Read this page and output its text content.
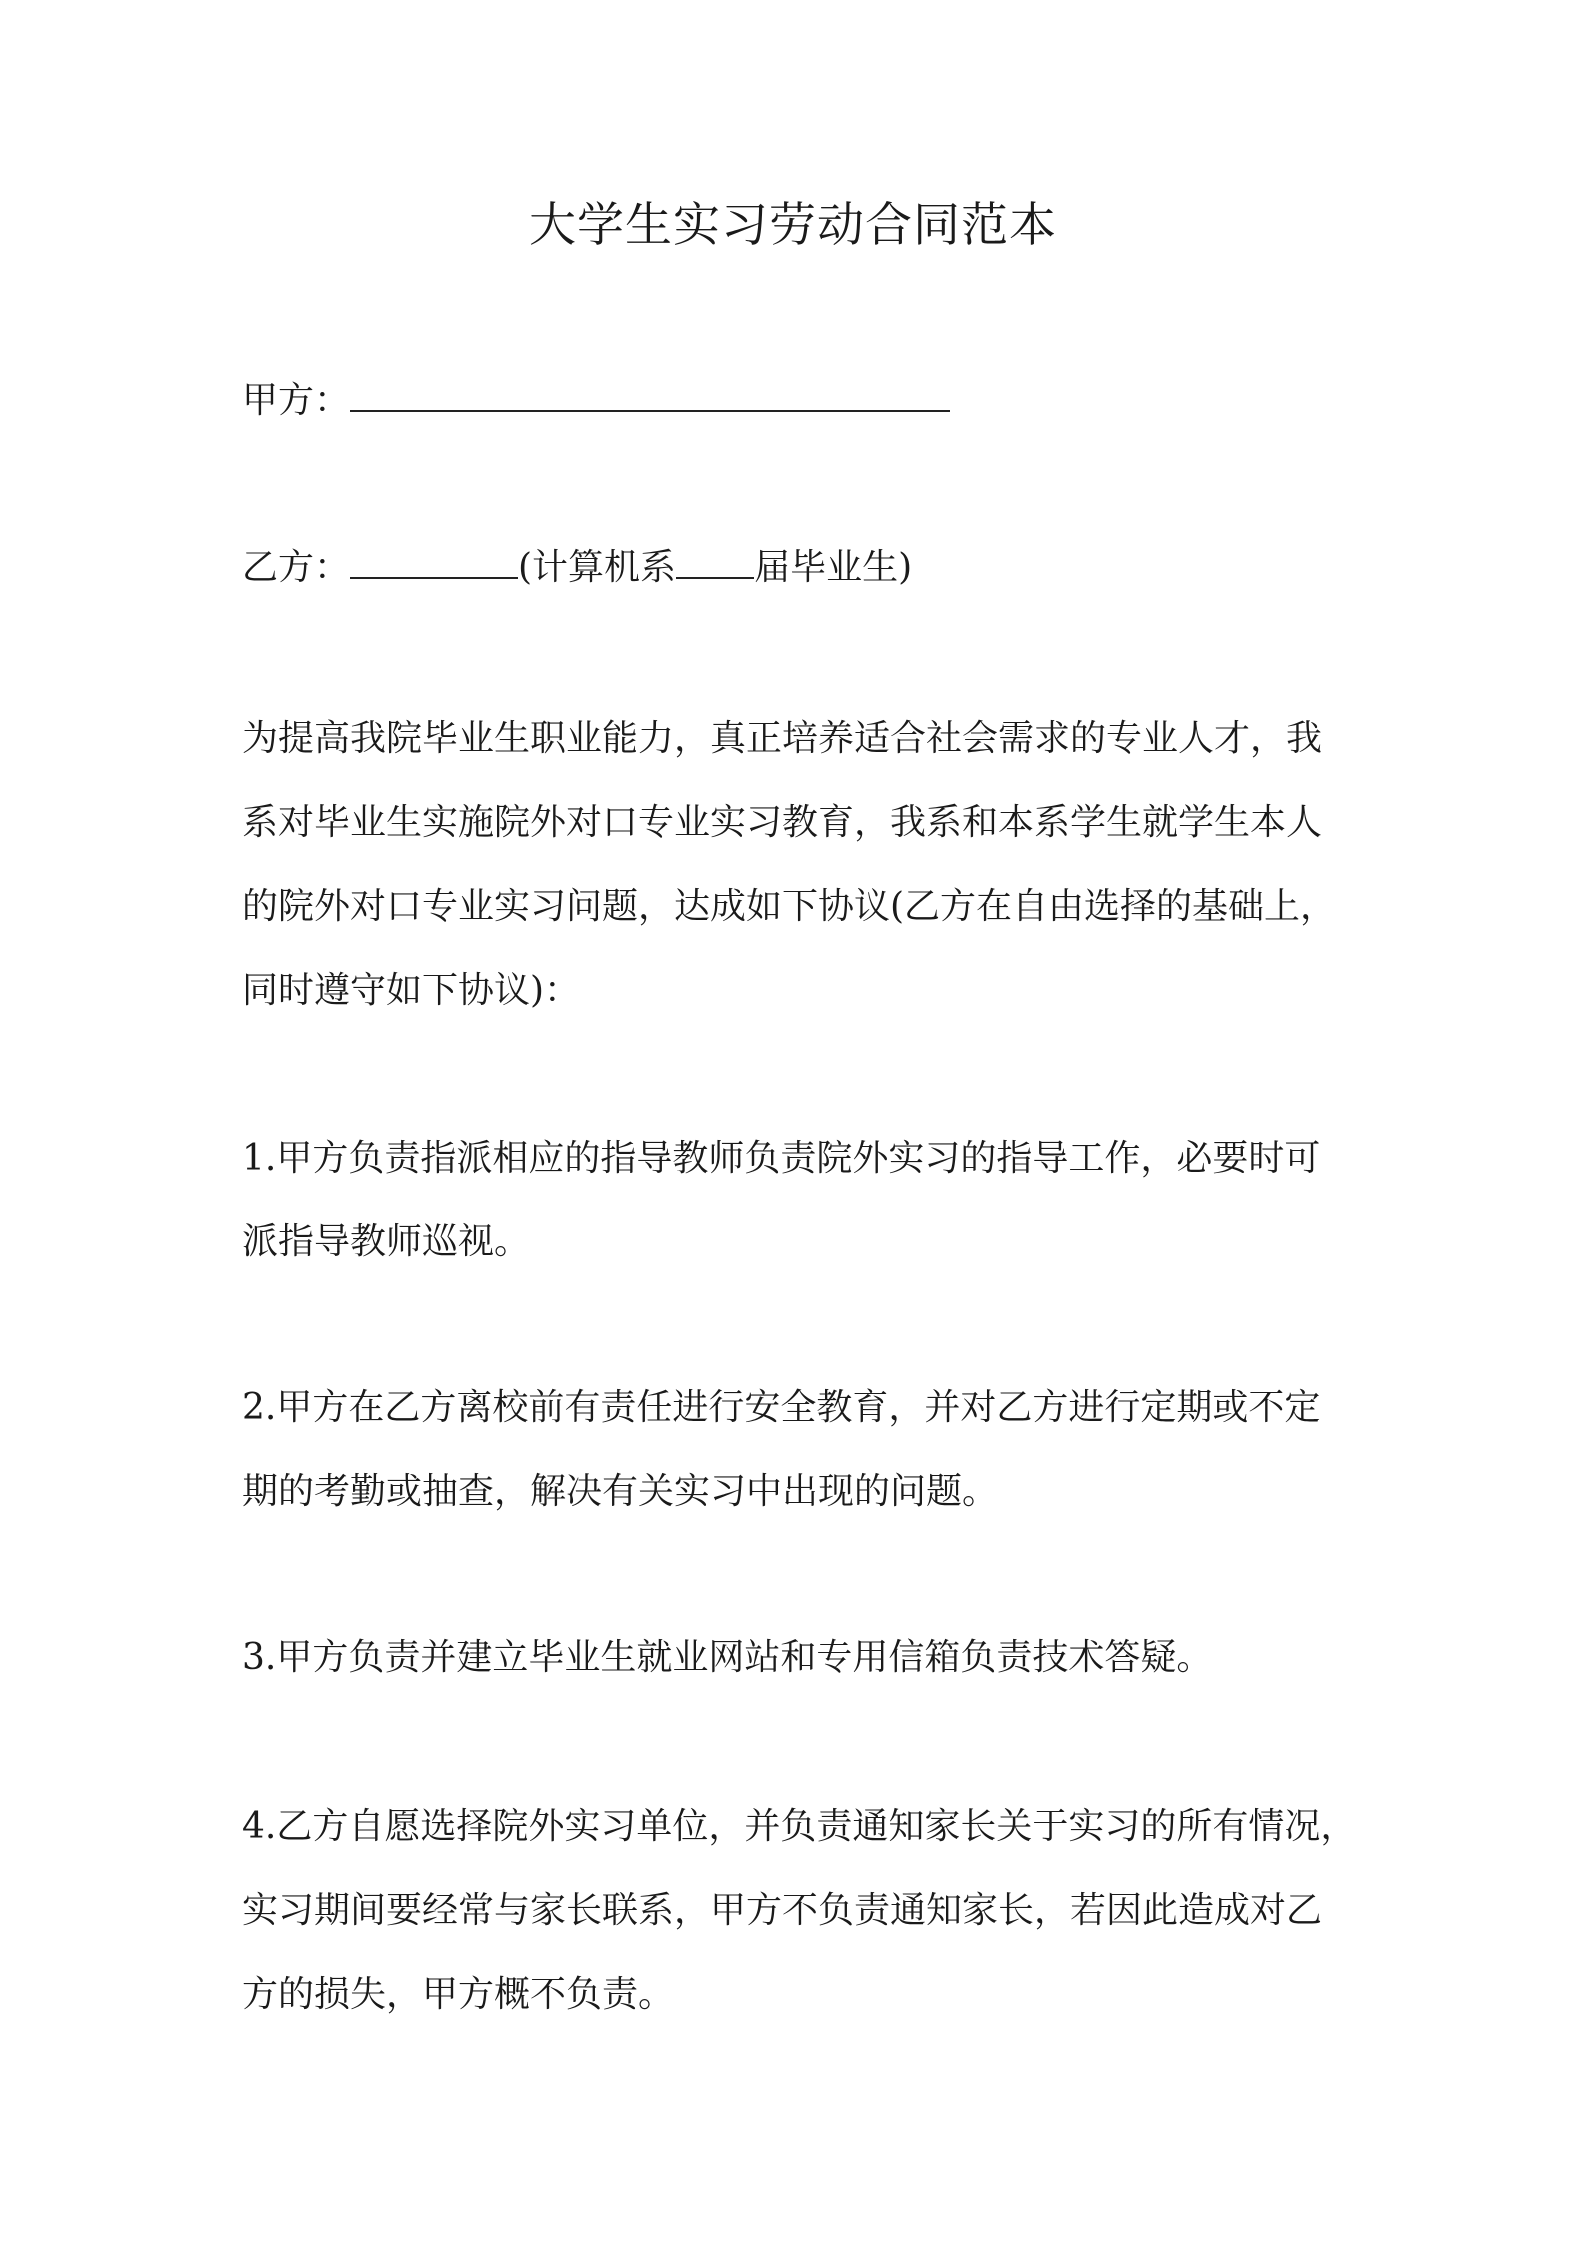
大学生实习劳动合同范本
甲方：
乙方：	(计算机系 届毕业生)
为提高我院毕业生职业能力，真正培养适合社会需求的专业人才，我
系对毕业生实施院外对口专业实习教育，我系和本系学生就学生本人
的院外对口专业实习问题，达成如下协议(乙方在自由选择的基础上，
同时遵守如下协议)：
1.甲方负责指派相应的指导教师负责院外实习的指导工作，必要时可
派指导教师巡视。
2.甲方在乙方离校前有责任进行安全教育，并对乙方进行定期或不定
期的考勤或抽查，解决有关实习中出现的问题。
3.甲方负责并建立毕业生就业网站和专用信箱负责技术答疑。
4.乙方自愿选择院外实习单位，并负责通知家长关于实习的所有情况，
实习期间要经常与家长联系，甲方不负责通知家长，若因此造成对乙
方的损失，甲方概不负责。
